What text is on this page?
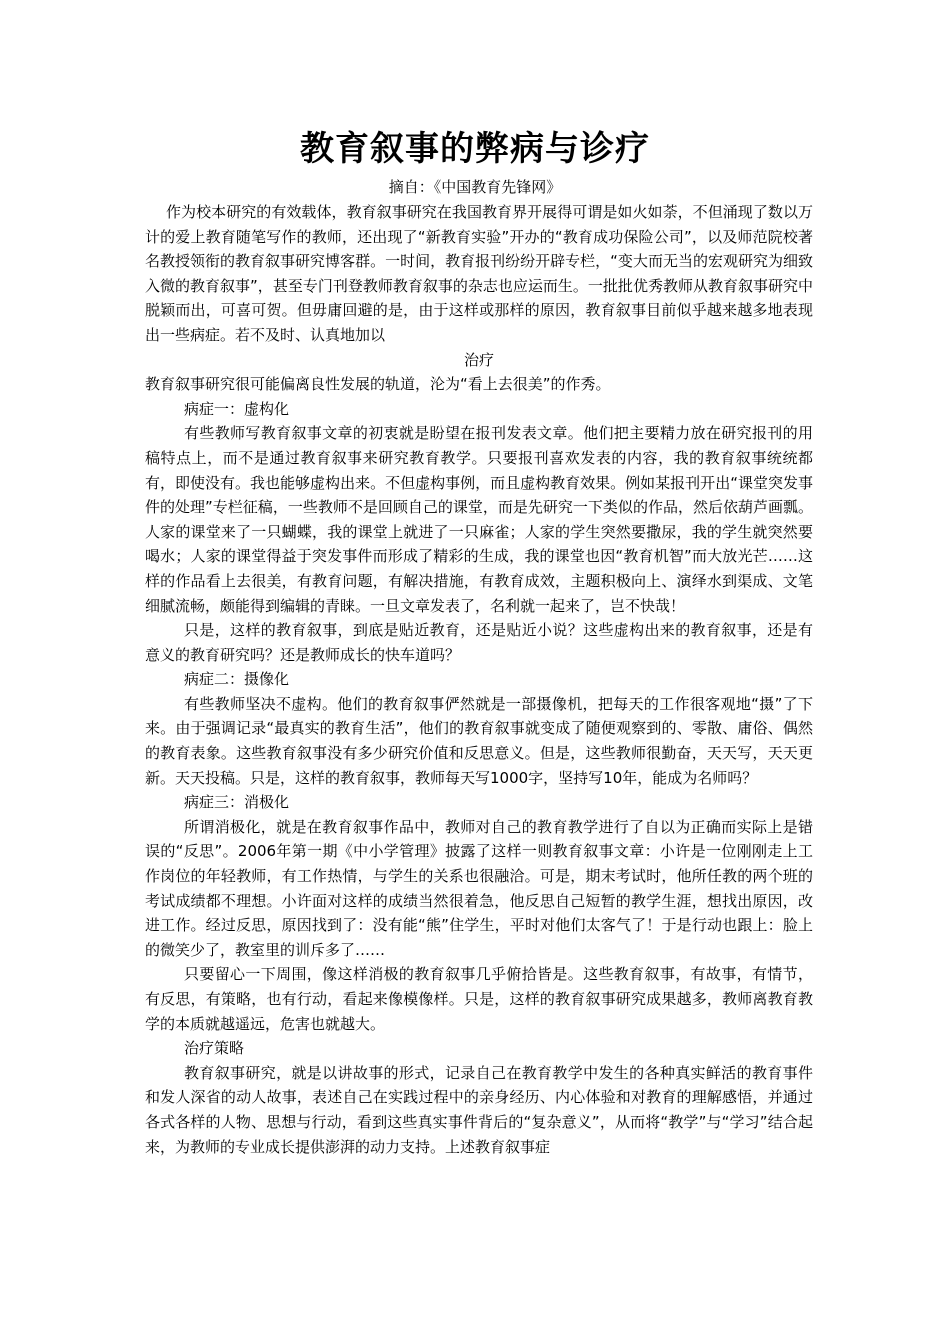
教育叙事的弊病与诊疗
摘自：《中国教育先锋网》

作为校本研究的有效载体，教育叙事研究在我国教育界开展得可谓是如火如荼，不但涌现了数以万计的爱上教育随笔写作的教师，还出现了“新教育实验”开办的“教育成功保险公司”，以及师范院校著名教授领衔的教育叙事研究博客群。一时间，教育报刊纷纷开辟专栏，“变大而无当的宏观研究为细致入微的教育叙事”，甚至专门刊登教师教育叙事的杂志也应运而生。一批批优秀教师从教育叙事研究中脱颖而出，可喜可贺。但毋庸回避的是，由于这样或那样的原因，教育叙事目前似乎越来越多地表现出一些病症。若不及时、认真地加以

治疗

教育叙事研究很可能偏离良性发展的轨道，沦为“看上去很美”的作秀。

病症一：虚构化

有些教师写教育叙事文章的初衷就是盼望在报刊发表文章。他们把主要精力放在研究报刊的用稿特点上，而不是通过教育叙事来研究教育教学。只要报刊喜欢发表的内容，我的教育叙事统统都有，即使没有。我也能够虚构出来。不但虚构事例，而且虚构教育效果。例如某报刊开出“课堂突发事件的处理”专栏征稿，一些教师不是回顾自己的课堂，而是先研究一下类似的作品，然后依葫芦画瓢。人家的课堂来了一只蝴蝶，我的课堂上就进了一只麻雀；人家的学生突然要撒尿，我的学生就突然要喝水；人家的课堂得益于突发事件而形成了精彩的生成，我的课堂也因“教育机智”而大放光芒……这样的作品看上去很美，有教育问题，有解决措施，有教育成效，主题积极向上、演绎水到渠成、文笔细腻流畅，颇能得到编辑的青睐。一旦文章发表了，名利就一起来了，岂不快哉！

只是，这样的教育叙事，到底是贴近教育，还是贴近小说？这些虚构出来的教育叙事，还是有意义的教育研究吗？还是教师成长的快车道吗？

病症二：摄像化

有些教师坚决不虚构。他们的教育叙事俨然就是一部摄像机，把每天的工作很客观地“摄”了下来。由于强调记录“最真实的教育生活”，他们的教育叙事就变成了随便观察到的、零散、庸俗、偶然的教育表象。这些教育叙事没有多少研究价值和反思意义。但是，这些教师很勤奋，天天写，天天更新。天天投稿。只是，这样的教育叙事，教师每天写1000字，坚持写10年，能成为名师吗？

病症三：消极化

所谓消极化，就是在教育叙事作品中，教师对自己的教育教学进行了自以为正确而实际上是错误的“反思”。2006年第一期《中小学管理》披露了这样一则教育叙事文章：小许是一位刚刚走上工作岗位的年轻教师，有工作热情，与学生的关系也很融洽。可是，期末考试时，他所任教的两个班的考试成绩都不理想。小许面对这样的成绩当然很着急，他反思自己短暂的教学生涯，想找出原因，改进工作。经过反思，原因找到了：没有能“熊”住学生，平时对他们太客气了！于是行动也跟上：脸上的微笑少了，教室里的训斥多了……

只要留心一下周围，像这样消极的教育叙事几乎俯拾皆是。这些教育叙事，有故事，有情节，有反思，有策略，也有行动，看起来像模像样。只是，这样的教育叙事研究成果越多，教师离教育教学的本质就越遥远，危害也就越大。

治疗策略

教育叙事研究，就是以讲故事的形式，记录自己在教育教学中发生的各种真实鲜活的教育事件和发人深省的动人故事，表述自己在实践过程中的亲身经历、内心体验和对教育的理解感悟，并通过各式各样的人物、思想与行动，看到这些真实事件背后的“复杂意义”，从而将“教学”与“学习”结合起来，为教师的专业成长提供澎湃的动力支持。上述教育叙事症
